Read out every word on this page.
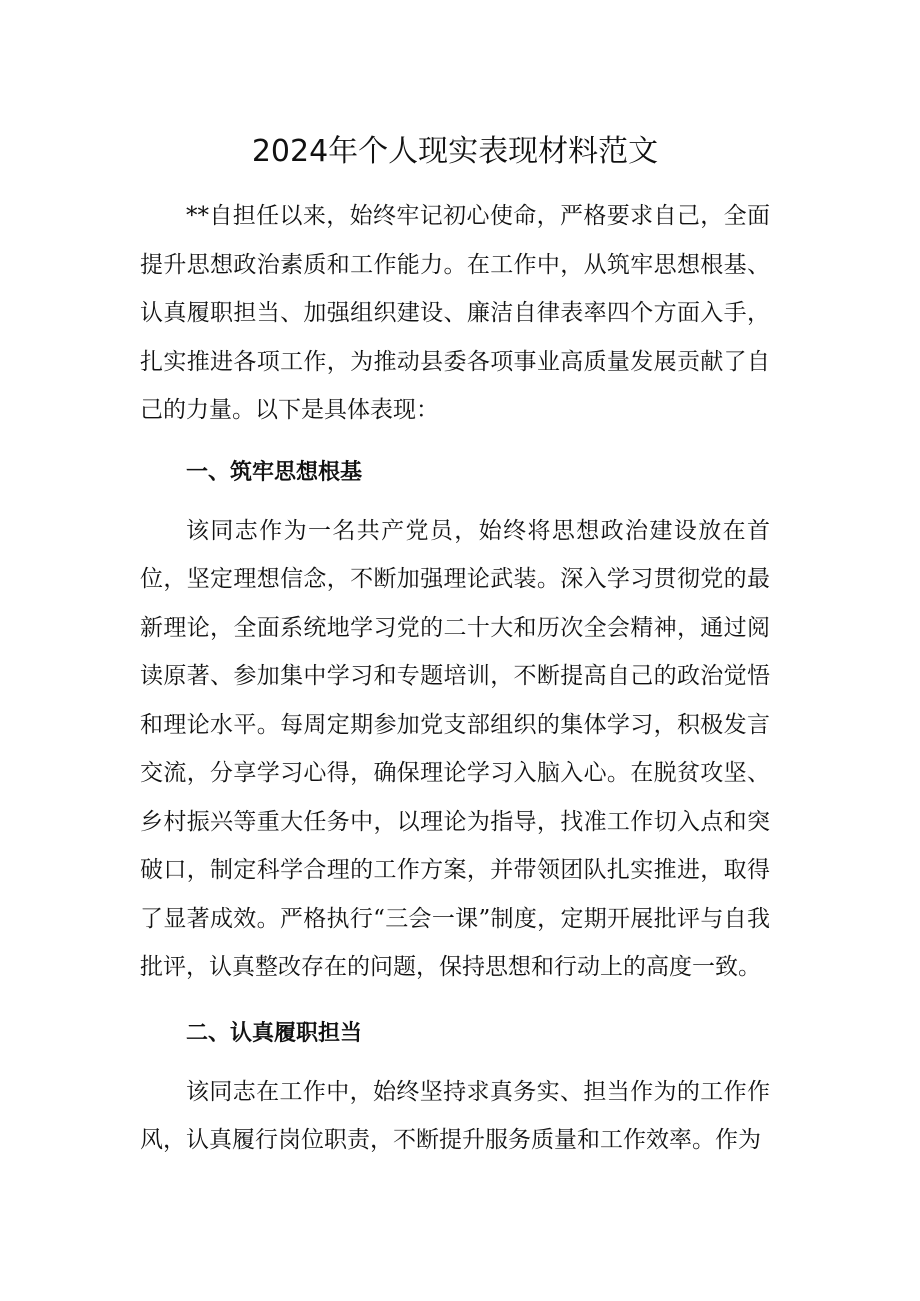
2024年个人现实表现材料范文

**自担任以来，始终牢记初心使命，严格要求自己，全面提升思想政治素质和工作能力。在工作中，从筑牢思想根基、认真履职担当、加强组织建设、廉洁自律表率四个方面入手，扎实推进各项工作，为推动县委各项事业高质量发展贡献了自己的力量。以下是具体表现：

一、筑牢思想根基

该同志作为一名共产党员，始终将思想政治建设放在首位，坚定理想信念，不断加强理论武装。深入学习贯彻党的最新理论，全面系统地学习党的二十大和历次全会精神，通过阅读原著、参加集中学习和专题培训，不断提高自己的政治觉悟和理论水平。每周定期参加党支部组织的集体学习，积极发言交流，分享学习心得，确保理论学习入脑入心。在脱贫攻坚、乡村振兴等重大任务中，以理论为指导，找准工作切入点和突破口，制定科学合理的工作方案，并带领团队扎实推进，取得了显著成效。严格执行“三会一课”制度，定期开展批评与自我批评，认真整改存在的问题，保持思想和行动上的高度一致。

二、认真履职担当

该同志在工作中，始终坚持求真务实、担当作为的工作作风，认真履行岗位职责，不断提升服务质量和工作效率。作为
